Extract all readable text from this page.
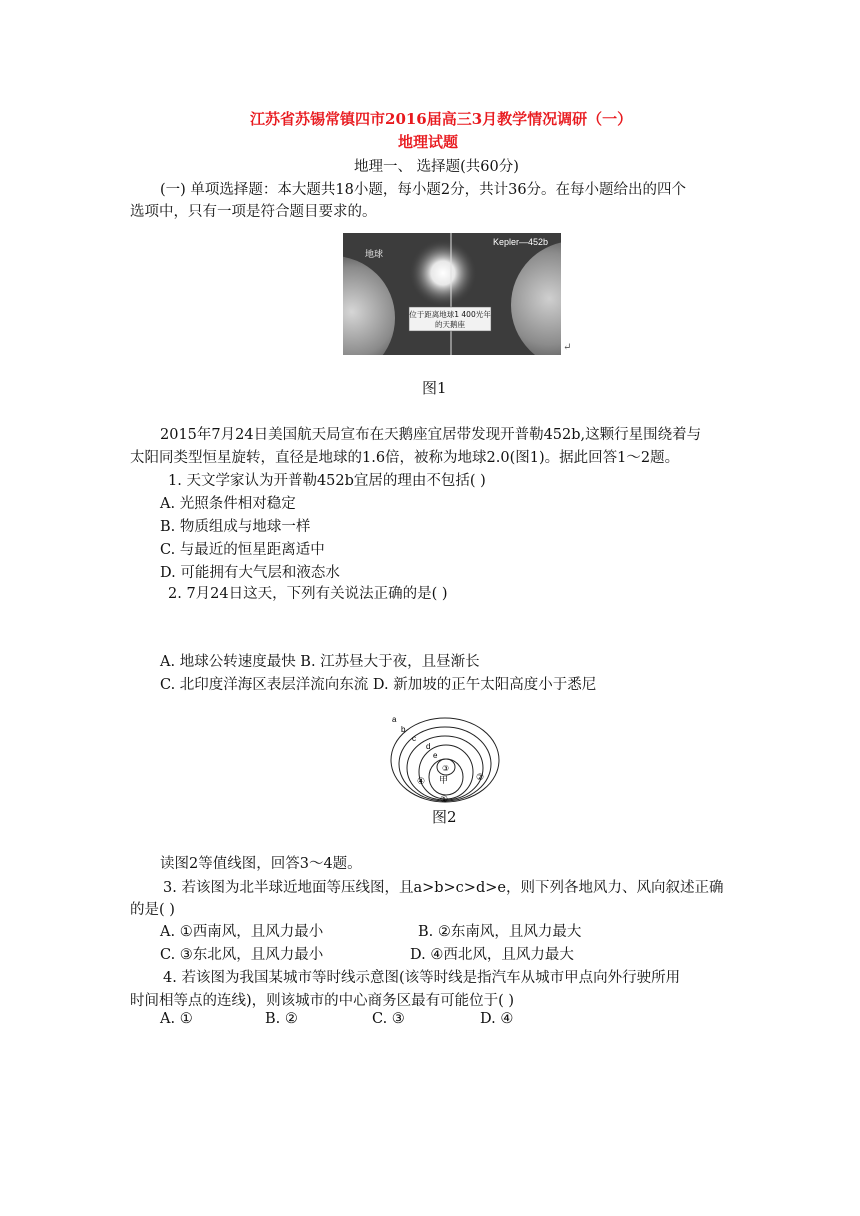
江苏省苏锡常镇四市2016届高三3月教学情况调研（一）
地理试题
地理一、 选择题(共60分)
(一) 单项选择题：本大题共18小题，每小题2分，共计36分。在每小题给出的四个
选项中，只有一项是符合题目要求的。
地球
Kepler—452b
位于距离地球1 400光年
的天鹅座
↵
图1
2015年7月24日美国航天局宣布在天鹅座宜居带发现开普勒452b,这颗行星围绕着与
太阳同类型恒星旋转，直径是地球的1.6倍，被称为地球2.0(图1)。据此回答1～2题。
1. 天文学家认为开普勒452b宜居的理由不包括( )
A. 光照条件相对稳定
B. 物质组成与地球一样
C. 与最近的恒星距离适中
D. 可能拥有大气层和液态水
2. 7月24日这天，下列有关说法正确的是( )
A. 地球公转速度最快 B. 江苏昼大于夜，且昼渐长
C. 北印度洋海区表层洋流向东流 D. 新加坡的正午太阳高度小于悉尼
a
b
c
d
e
③
甲
④	②
①
图2
读图2等值线图，回答3～4题。
3. 若该图为北半球近地面等压线图，且a>b>c>d>e，则下列各地风力、风向叙述正确
的是( )
A. ①西南风，且风力最小	B. ②东南风，且风力最大
C. ③东北风，且风力最小	D. ④西北风，且风力最大
4. 若该图为我国某城市等时线示意图(该等时线是指汽车从城市甲点向外行驶所用
时间相等点的连线)，则该城市的中心商务区最有可能位于( )
A. ①	B. ②	C. ③	D. ④
